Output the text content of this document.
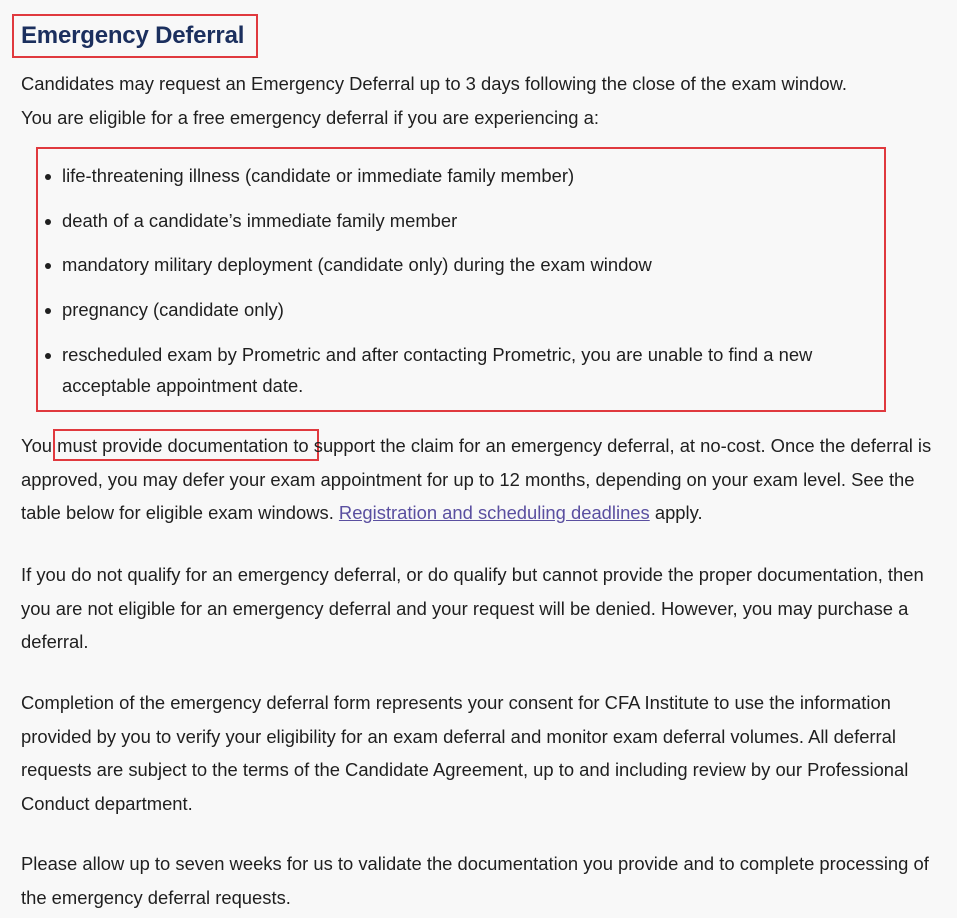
Emergency Deferral

Candidates may request an Emergency Deferral up to 3 days following the close of the exam window.
You are eligible for a free emergency deferral if you are experiencing a:

life-threatening illness (candidate or immediate family member)
death of a candidate’s immediate family member
mandatory military deployment (candidate only) during the exam window
pregnancy (candidate only)
rescheduled exam by Prometric and after contacting Prometric, you are unable to find a new acceptable appointment date.

You must provide documentation to support the claim for an emergency deferral, at no-cost. Once the deferral is approved, you may defer your exam appointment for up to 12 months, depending on your exam level. See the table below for eligible exam windows. Registration and scheduling deadlines apply.

If you do not qualify for an emergency deferral, or do qualify but cannot provide the proper documentation, then you are not eligible for an emergency deferral and your request will be denied. However, you may purchase a deferral.

Completion of the emergency deferral form represents your consent for CFA Institute to use the information provided by you to verify your eligibility for an exam deferral and monitor exam deferral volumes. All deferral requests are subject to the terms of the Candidate Agreement, up to and including review by our Professional Conduct department.

Please allow up to seven weeks for us to validate the documentation you provide and to complete processing of the emergency deferral requests.
